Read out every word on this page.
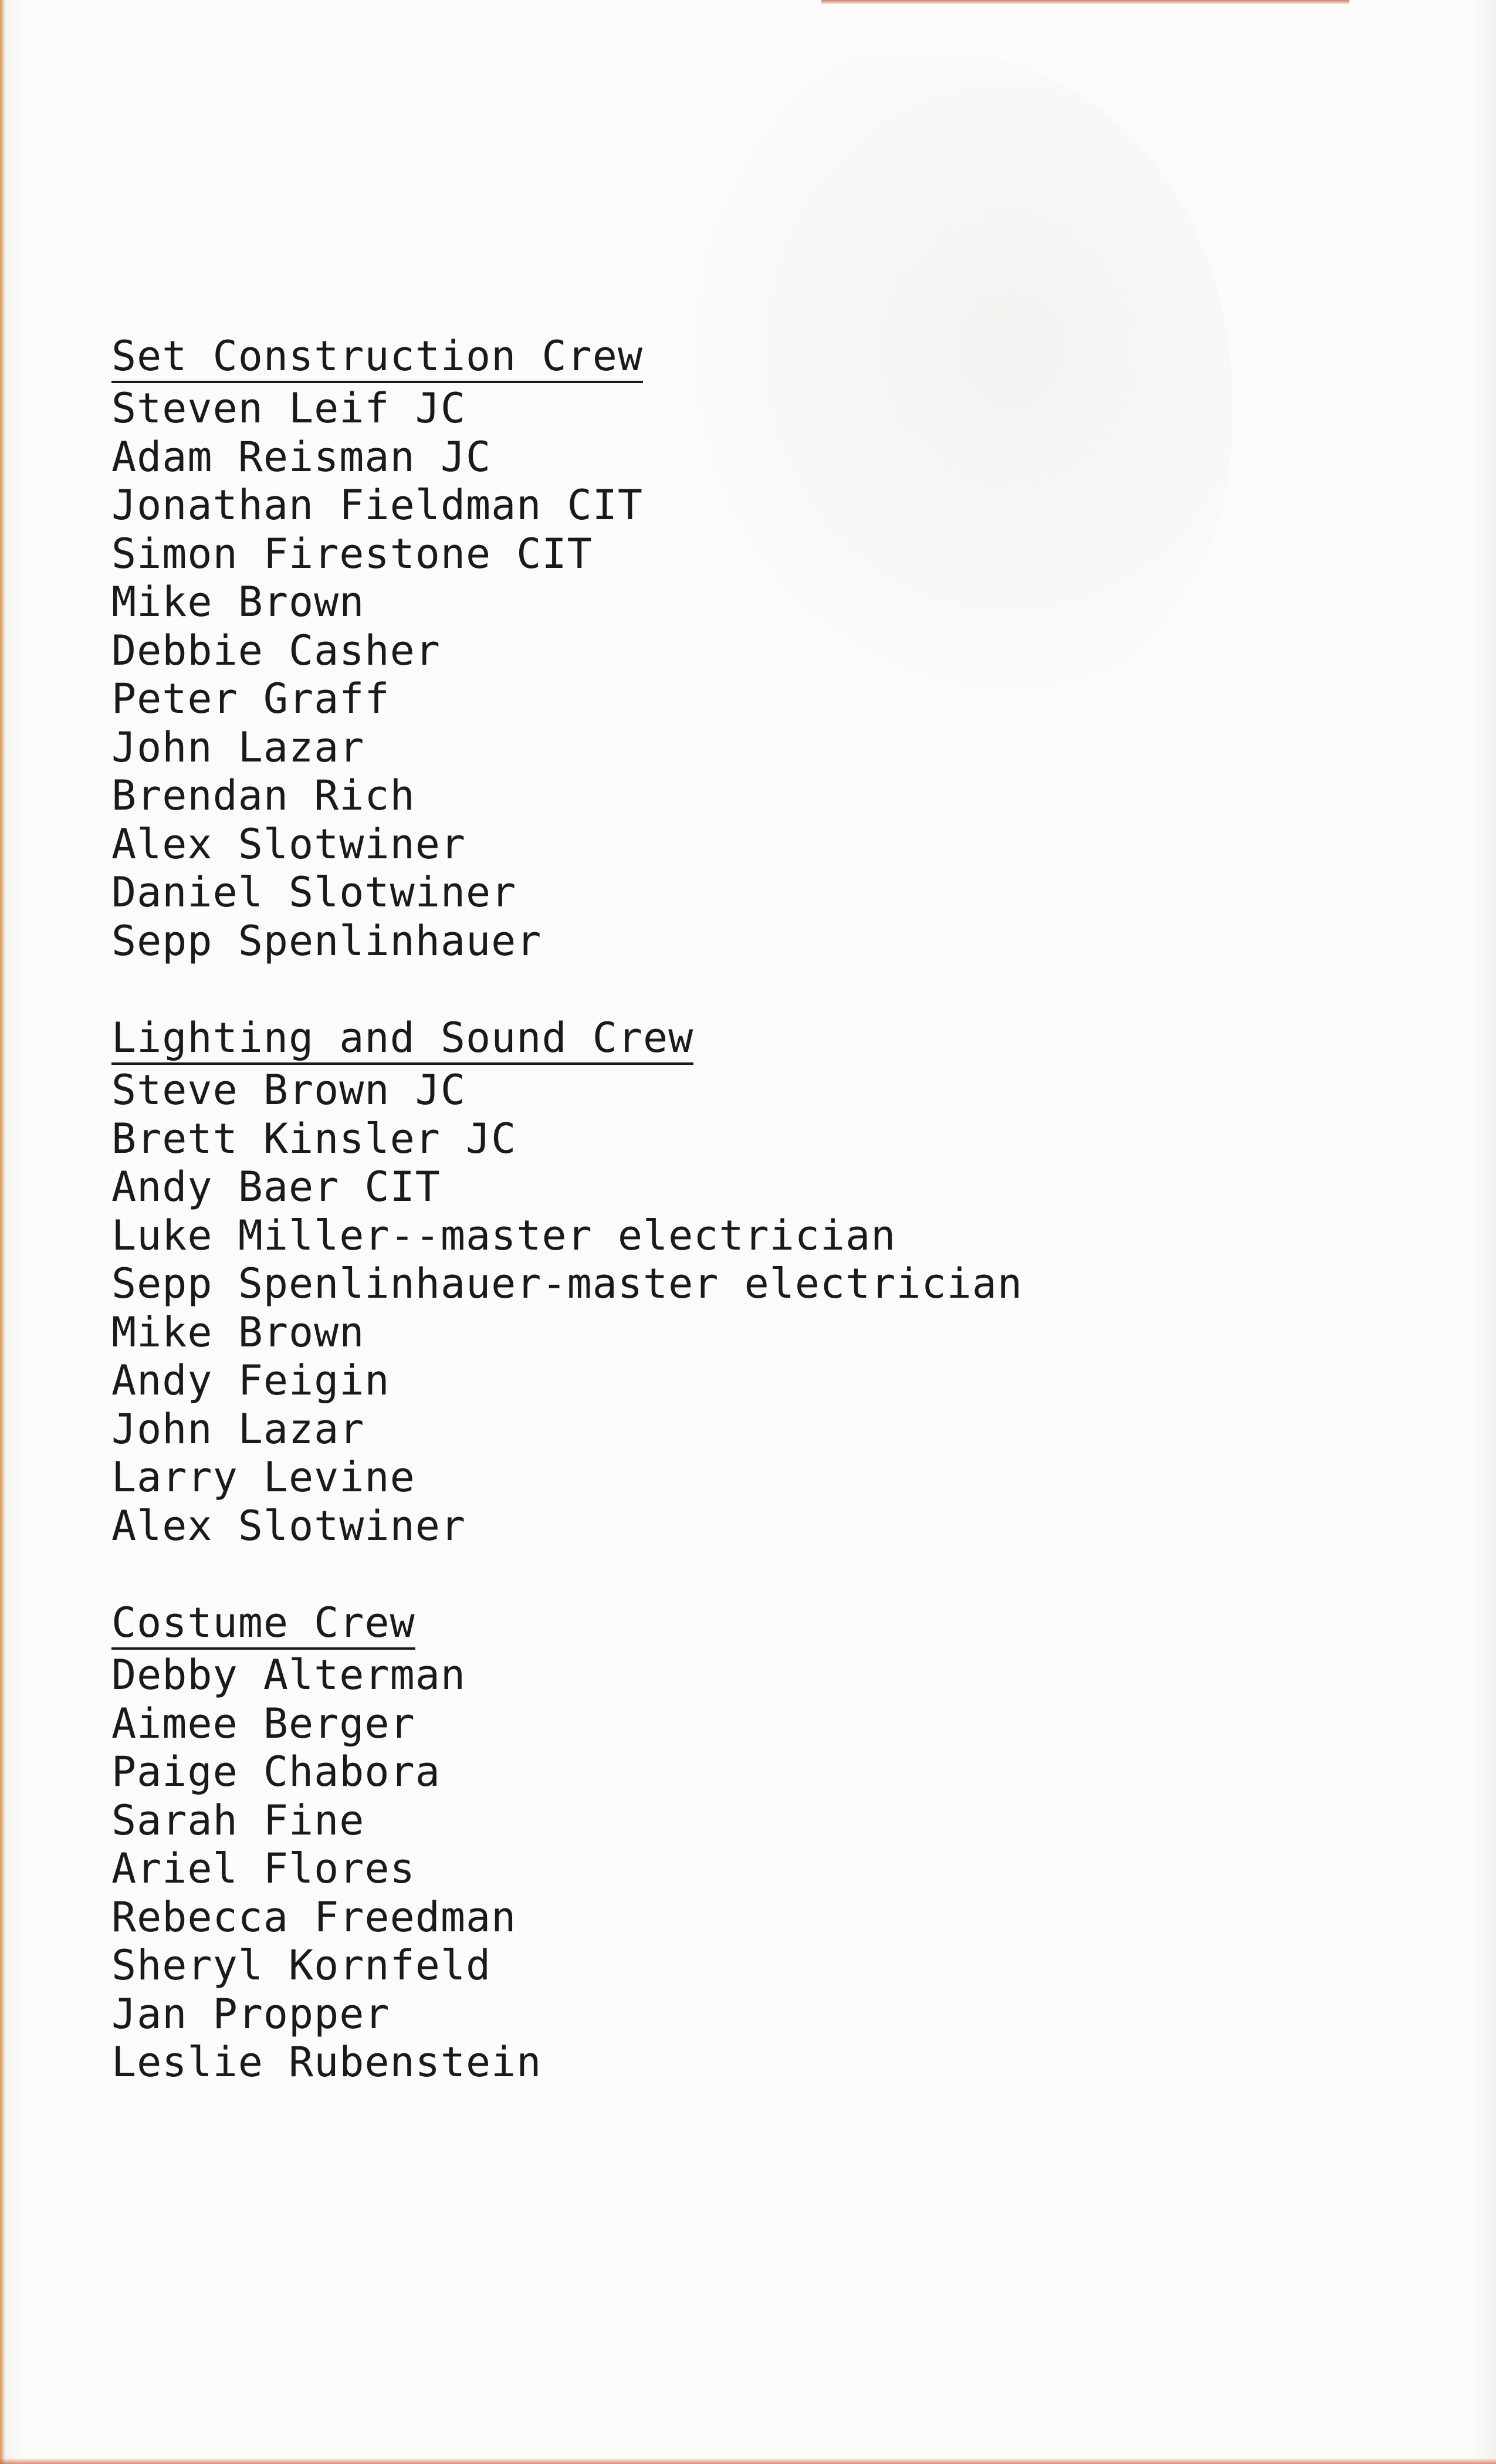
Set Construction Crew
Steven Leif JC
Adam Reisman JC
Jonathan Fieldman CIT
Simon Firestone CIT
Mike Brown
Debbie Casher
Peter Graff
John Lazar
Brendan Rich
Alex Slotwiner
Daniel Slotwiner
Sepp Spenlinhauer
Lighting and Sound Crew
Steve Brown JC
Brett Kinsler JC
Andy Baer CIT
Luke Miller--master electrician
Sepp Spenlinhauer-master electrician
Mike Brown
Andy Feigin
John Lazar
Larry Levine
Alex Slotwiner
Costume Crew
Debby Alterman
Aimee Berger
Paige Chabora
Sarah Fine
Ariel Flores
Rebecca Freedman
Sheryl Kornfeld
Jan Propper
Leslie Rubenstein
